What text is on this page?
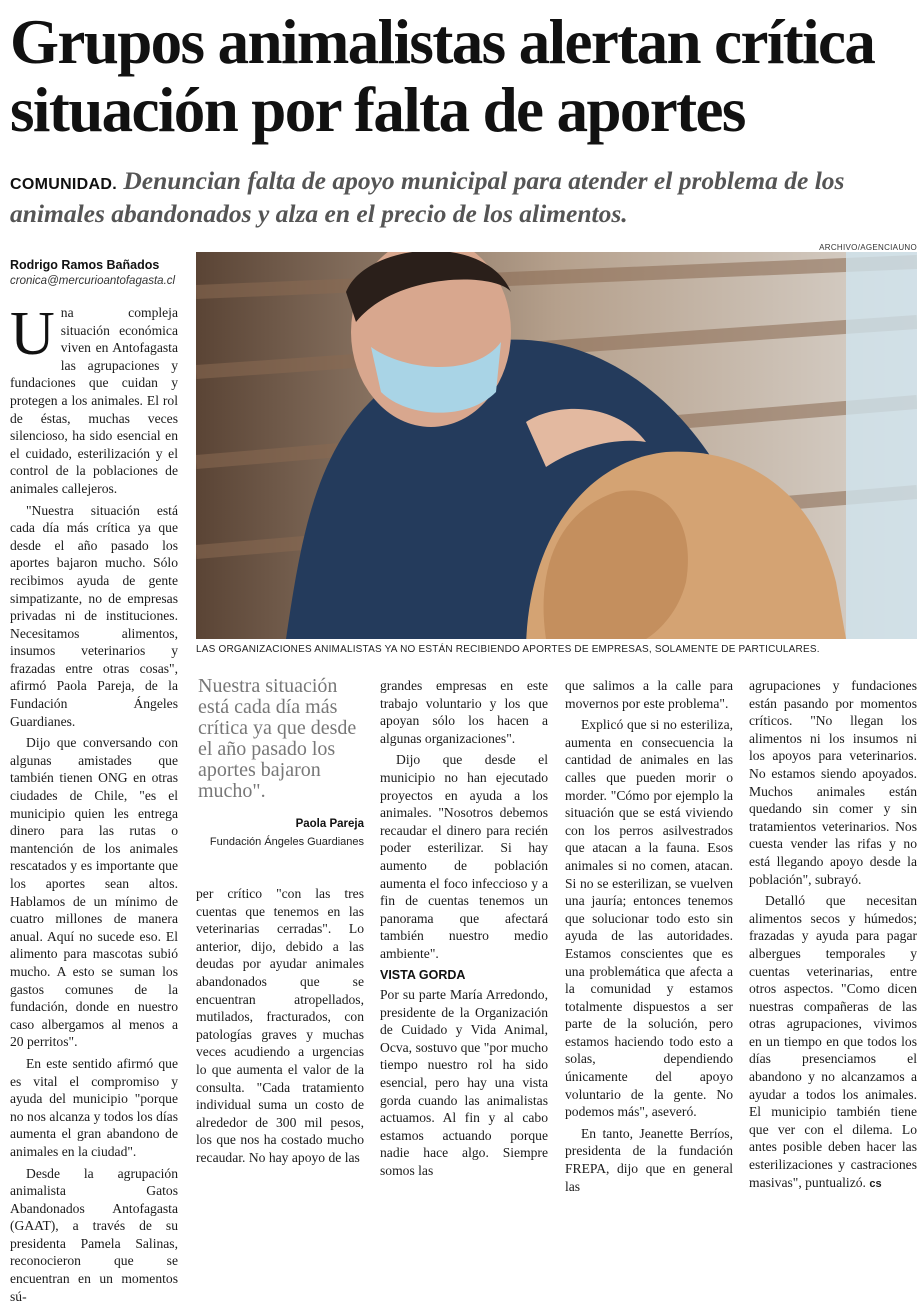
Grupos animalistas alertan crítica situación por falta de aportes

COMUNIDAD. Denuncian falta de apoyo municipal para atender el problema de los animales abandonados y alza en el precio de los alimentos.

Rodrigo Ramos Bañados
cronica@mercurioantofagasta.cl
ARCHIVO/AGENCIAUNO
LAS ORGANIZACIONES ANIMALISTAS YA NO ESTÁN RECIBIENDO APORTES DE EMPRESAS, SOLAMENTE DE PARTICULARES.

Una compleja situación económica viven en Antofagasta las agrupaciones y fundaciones que cuidan y protegen a los animales. El rol de éstas, muchas veces silencioso, ha sido esencial en el cuidado, esterilización y el control de la poblaciones de animales callejeros.

"Nuestra situación está cada día más crítica ya que desde el año pasado los aportes bajaron mucho. Sólo recibimos ayuda de gente simpatizante, no de empresas privadas ni de instituciones. Necesitamos alimentos, insumos veterinarios y frazadas entre otras cosas", afirmó Paola Pareja, de la Fundación Ángeles Guardianes.

Dijo que conversando con algunas amistades que también tienen ONG en otras ciudades de Chile, "es el municipio quien les entrega dinero para las rutas o mantención de los animales rescatados y es importante que los aportes sean altos. Hablamos de un mínimo de cuatro millones de manera anual. Aquí no sucede eso. El alimento para mascotas subió mucho. A esto se suman los gastos comunes de la fundación, donde en nuestro caso albergamos al menos a 20 perritos".

En este sentido afirmó que es vital el compromiso y ayuda del municipio "porque no nos alcanza y todos los días aumenta el gran abandono de animales en la ciudad".

Desde la agrupación animalista Gatos Abandonados Antofagasta (GAAT), a través de su presidenta Pamela Salinas, reconocieron que se encuentran en un momentos sú-

Nuestra situación está cada día más crítica ya que desde el año pasado los aportes bajaron mucho".

Paola Pareja
Fundación Ángeles Guardianes

per crítico "con las tres cuentas que tenemos en las veterinarias cerradas". Lo anterior, dijo, debido a las deudas por ayudar animales abandonados que se encuentran atropellados, mutilados, fracturados, con patologías graves y muchas veces acudiendo a urgencias lo que aumenta el valor de la consulta. "Cada tratamiento individual suma un costo de alrededor de 300 mil pesos, los que nos ha costado mucho recaudar. No hay apoyo de las

grandes empresas en este trabajo voluntario y los que apoyan sólo los hacen a algunas organizaciones".

Dijo que desde el municipio no han ejecutado proyectos en ayuda a los animales. "Nosotros debemos recaudar el dinero para recién poder esterilizar. Si hay aumento de población aumenta el foco infeccioso y a fin de cuentas tenemos un panorama que afectará también nuestro medio ambiente".

VISTA GORDA

Por su parte María Arredondo, presidente de la Organización de Cuidado y Vida Animal, Ocva, sostuvo que "por mucho tiempo nuestro rol ha sido esencial, pero hay una vista gorda cuando las animalistas actuamos. Al fin y al cabo estamos actuando porque nadie hace algo. Siempre somos las

que salimos a la calle para movernos por este problema".

Explicó que si no esteriliza, aumenta en consecuencia la cantidad de animales en las calles que pueden morir o morder. "Cómo por ejemplo la situación que se está viviendo con los perros asilvestrados que atacan a la fauna. Esos animales si no comen, atacan. Si no se esterilizan, se vuelven una jauría; entonces tenemos que solucionar todo esto sin ayuda de las autoridades. Estamos conscientes que es una problemática que afecta a la comunidad y estamos totalmente dispuestos a ser parte de la solución, pero estamos haciendo todo esto a solas, dependiendo únicamente del apoyo voluntario de la gente. No podemos más", aseveró.

En tanto, Jeanette Berríos, presidenta de la fundación FREPA, dijo que en general las

agrupaciones y fundaciones están pasando por momentos críticos. "No llegan los alimentos ni los insumos ni los apoyos para veterinarios. No estamos siendo apoyados. Muchos animales están quedando sin comer y sin tratamientos veterinarios. Nos cuesta vender las rifas y no está llegando apoyo desde la población", subrayó.

Detalló que necesitan alimentos secos y húmedos; frazadas y ayuda para pagar albergues temporales y cuentas veterinarias, entre otros aspectos. "Como dicen nuestras compañeras de las otras agrupaciones, vivimos en un tiempo en que todos los días presenciamos el abandono y no alcanzamos a ayudar a todos los animales. El municipio también tiene que ver con el dilema. Lo antes posible deben hacer las esterilizaciones y castraciones masivas", puntualizó. cs
